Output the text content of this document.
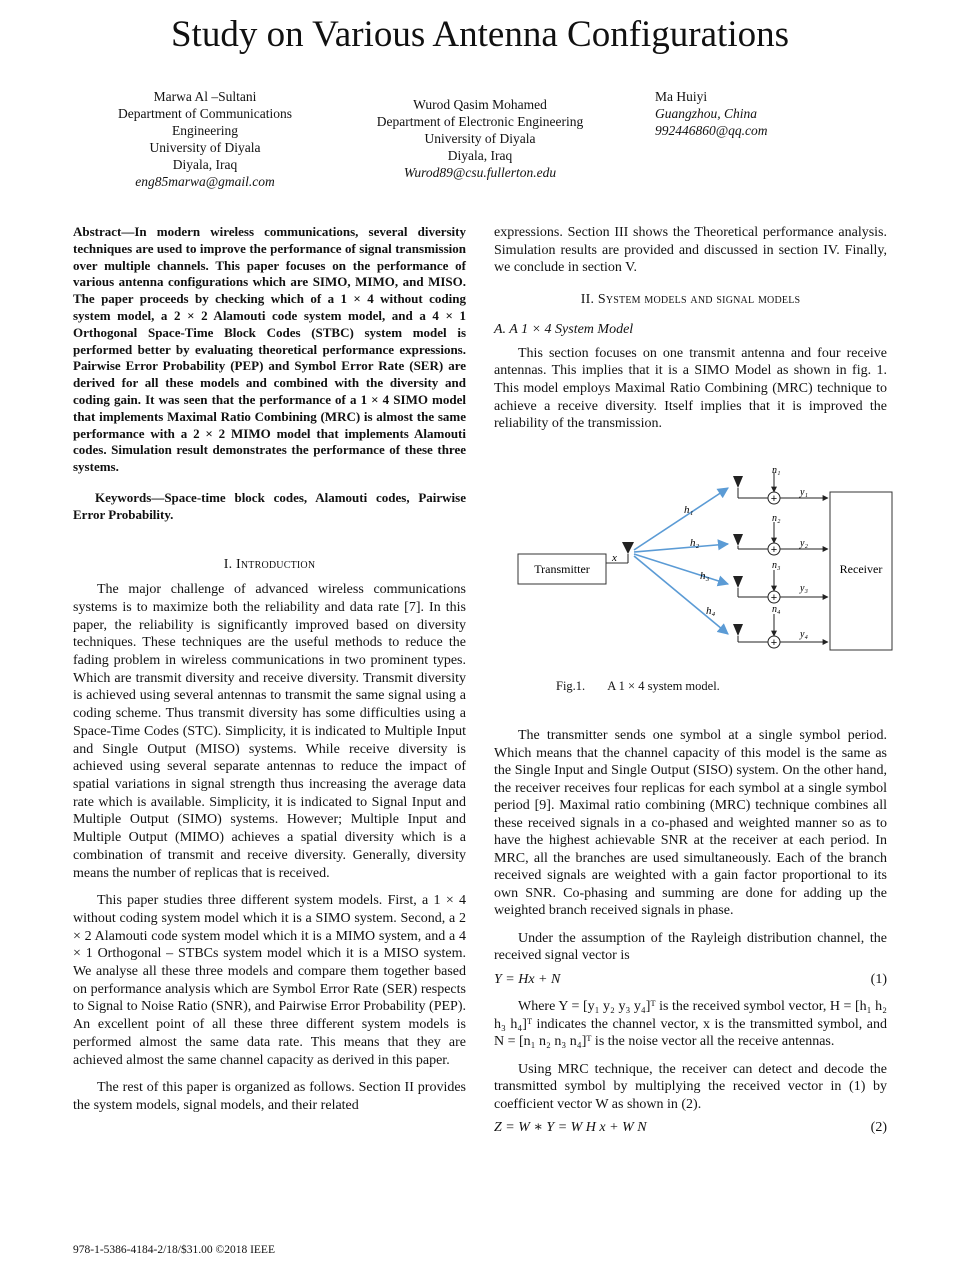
Study on Various Antenna Configurations
Marwa Al –Sultani
Department of Communications
Engineering
University of Diyala
Diyala, Iraq
eng85marwa@gmail.com
Wurod Qasim Mohamed
Department of Electronic Engineering
University of Diyala
Diyala, Iraq
Wurod89@csu.fullerton.edu
Ma Huiyi
Guangzhou, China
992446860@qq.com

Abstract—In modern wireless communications, several diversity techniques are used to improve the performance of signal transmission over multiple channels. This paper focuses on the performance of various antenna configurations which are SIMO, MIMO, and MISO. The paper proceeds by checking which of a 1 × 4 without coding system model, a 2 × 2 Alamouti code system model, and a 4 × 1 Orthogonal Space-Time Block Codes (STBC) system model is performed better by evaluating theoretical performance expressions. Pairwise Error Probability (PEP) and Symbol Error Rate (SER) are derived for all these models and combined with the diversity and coding gain. It was seen that the performance of a 1 × 4 SIMO model that implements Maximal Ratio Combining (MRC) is almost the same performance with a 2 × 2 MIMO model that implements Alamouti codes. Simulation result demonstrates the performance of these three systems.

Keywords—Space-time block codes, Alamouti codes, Pairwise Error Probability.

I. Introduction

The major challenge of advanced wireless communications systems is to maximize both the reliability and data rate [7]. In this paper, the reliability is significantly improved based on diversity techniques. These techniques are the useful methods to reduce the fading problem in wireless communications in two prominent types. Which are transmit diversity and receive diversity. Transmit diversity is achieved using several antennas to transmit the same signal using a coding scheme. Thus transmit diversity has some difficulties using a Space-Time Codes (STC). Simplicity, it is indicated to Multiple Input and Single Output (MISO) systems. While receive diversity is achieved using several separate antennas to reduce the impact of spatial variations in signal strength thus increasing the average data rate which is available. Simplicity, it is indicated to Signal Input and Multiple Output (SIMO) systems. However; Multiple Input and Multiple Output (MIMO) achieves a spatial diversity which is a combination of transmit and receive diversity. Generally, diversity means the number of replicas that is received.

This paper studies three different system models. First, a 1 × 4 without coding system model which it is a SIMO system. Second, a 2 × 2 Alamouti code system model which it is a MIMO system, and a 4 × 1 Orthogonal – STBCs system model which it is a MISO system. We analyse all these three models and compare them together based on performance analysis which are Symbol Error Rate (SER) respects to Signal to Noise Ratio (SNR), and Pairwise Error Probability (PEP). An excellent point of all these three different system models is performed almost the same data rate. This means that they are achieved almost the same channel capacity as derived in this paper.

The rest of this paper is organized as follows. Section II provides the system models, signal models, and their related

expressions. Section III shows the Theoretical performance analysis. Simulation results are provided and discussed in section IV. Finally, we conclude in section V.

II. System models and signal models
A. A 1 × 4 System Model

This section focuses on one transmit antenna and four receive antennas. This implies that it is a SIMO Model as shown in fig. 1. This model employs Maximal Ratio Combining (MRC) technique to achieve a receive diversity. Itself implies that it is improved the reliability of the transmission.

Transmitter
x
h₁
h₂
h₃
h₄
+
n₁
y₁
+
n₂
y₂
+
n₃
y₃
+
n₄
y₄
Receiver
Fig.1. A 1 × 4 system model.

The transmitter sends one symbol at a single symbol period. Which means that the channel capacity of this model is the same as the Single Input and Single Output (SISO) system. On the other hand, the receiver receives four replicas for each symbol at a single symbol period [9]. Maximal ratio combining (MRC) technique combines all these received signals in a co-phased and weighted manner so as to have the highest achievable SNR at the receiver at each period. In MRC, all the branches are used simultaneously. Each of the branch received signals are weighted with a gain factor proportional to its own SNR. Co-phasing and summing are done for adding up the weighted branch received signals in phase.

Under the assumption of the Rayleigh distribution channel, the received signal vector is

Y = Hx + N	(1)

Where Y = [y₁ y₂ y₃ y₄]ᵀ is the received symbol vector, H = [h₁ h₂ h₃ h₄]ᵀ indicates the channel vector, x is the transmitted symbol, and N = [n₁ n₂ n₃ n₄]ᵀ is the noise vector all the receive antennas.

Using MRC technique, the receiver can detect and decode the transmitted symbol by multiplying the received vector in (1) by coefficient vector W as shown in (2).

Z = W ∗ Y = W H x + W N	(2)
978-1-5386-4184-2/18/$31.00 ©2018 IEEE
